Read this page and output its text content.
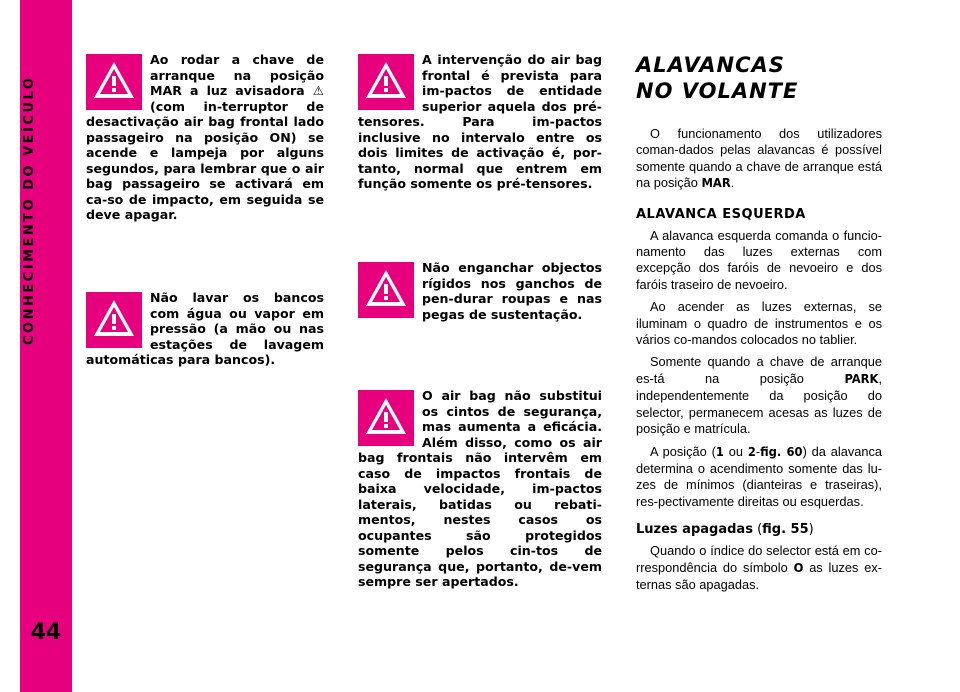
CONHECIMENTO DO VEÍCULO
44

Ao rodar a chave de arranque na posição MAR a luz avisadora ⚠ (com in-terruptor de desactivação air bag frontal lado passageiro na posição ON) se acende e lampeja por alguns segundos, para lembrar que o air bag passageiro se activará em ca-so de impacto, em seguida se deve apagar.

Não lavar os bancos com água ou vapor em pressão (a mão ou nas estações de lavagem automáticas para bancos).

A intervenção do air bag frontal é prevista para im-pactos de entidade superior aquela dos pré-tensores. Para im-pactos inclusive no intervalo entre os dois limites de activação é, por-tanto, normal que entrem em função somente os pré-tensores.

Não enganchar objectos rígidos nos ganchos de pen-durar roupas e nas pegas de sustentação.

O air bag não substitui os cintos de segurança, mas aumenta a eficácia. Além disso, como os air bag frontais não intervêm em caso de impactos frontais de baixa velocidade, im-pactos laterais, batidas ou rebati-mentos, nestes casos os ocupantes são protegidos somente pelos cin-tos de segurança que, portanto, de-vem sempre ser apertados.

ALAVANCAS
NO VOLANTE

O funcionamento dos utilizadores coman-dados pelas alavancas é possível somente quando a chave de arranque está na posição MAR.

ALAVANCA ESQUERDA

A alavanca esquerda comanda o funcio-namento das luzes externas com excepção dos faróis de nevoeiro e dos faróis traseiro de nevoeiro.

Ao acender as luzes externas, se iluminam o quadro de instrumentos e os vários co-mandos colocados no tablier.

Somente quando a chave de arranque es-tá na posição	PARK, independentemente da posição do selector, permanecem acesas as luzes de posição e matrícula.

A posição (1 ou 2-fig. 60) da alavanca determina o acendimento somente das lu-zes de mínimos (dianteiras e traseiras), res-pectivamente direitas ou esquerdas.

Luzes apagadas (fig. 55)

Quando o índice do selector está em co-rrespondência do símbolo O as luzes ex-ternas são apagadas.
